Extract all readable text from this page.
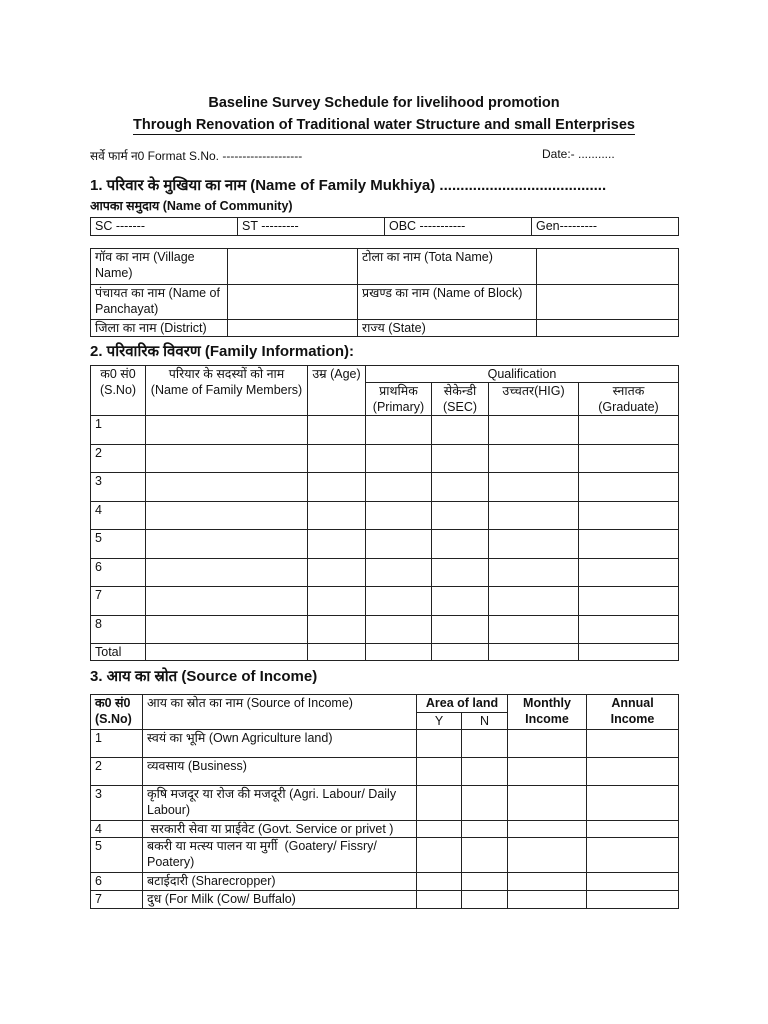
Baseline Survey Schedule for livelihood promotion
Through Renovation of Traditional water Structure and small Enterprises
सर्वे फार्म न0 Format S.No. --------------------	Date:- ...........
1. परिवार के मुखिया का नाम (Name of Family Mukhiya) ........................................
आपका समुदाय (Name of Community)
SC -------	ST ---------	OBC -----------	Gen---------
गॉव का नाम (Village Name)		टोला का नाम (Tota Name)	
पंचायत का नाम (Name of Panchayat)		प्रखण्ड का नाम (Name of Block)	
जिला का नाम (District)		राज्य (State)	
2. परिवारिक विवरण (Family Information):
क0 सं0 (S.No)	परियार के सदस्यों को नाम (Name of Family Members)	उम्र (Age)	Qualification			
			प्राथमिक (Primary)	सेकेन्डी (SEC)	उच्चतर(HIG)	स्नातक (Graduate)
1						
2						
3						
4						
5						
6						
7						
8						
Total						
3. आय का स्रोत (Source of Income)
क0 सं0 (S.No)	आय का स्रोत का नाम (Source of Income)	Area of land		Monthly Income	Annual Income
		Y	N		
1	स्वयं का भूमि (Own Agriculture land)				
2	व्यवसाय (Business)				
3	कृषि मजदूर या रोज की मजदूरी (Agri. Labour/ Daily Labour)				
4	सरकारी सेवा या प्राईवेट (Govt. Service or privet )				
5	बकरी या मत्स्य पालन या मुर्गी  (Goatery/ Fissry/ Poatery)				
6	बटाईदारी (Sharecropper)				
7	दुध (For Milk (Cow/ Buffalo)				
